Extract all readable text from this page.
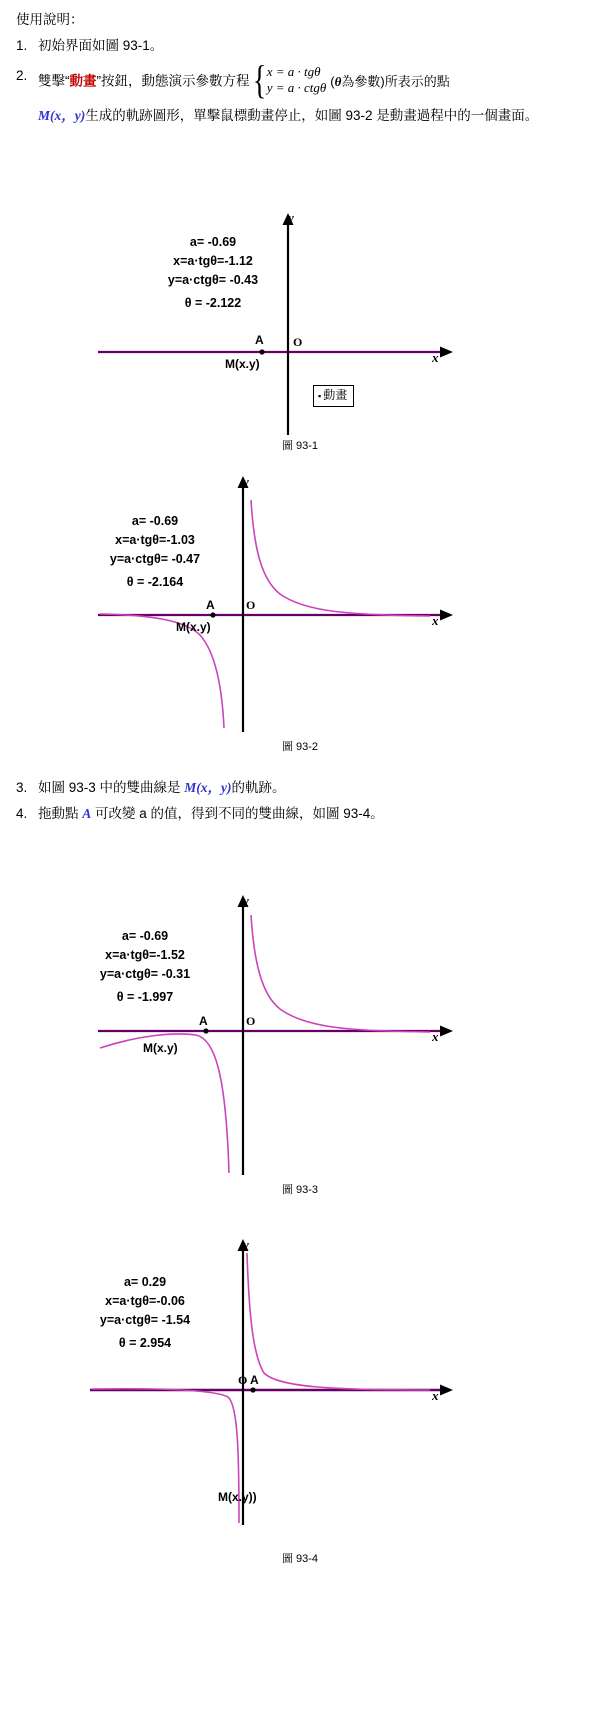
使用說明：
1. 初始界面如圖 93-1。
2. 雙擊“動畫”按鈕，動態演示參數方程 { x = a · tgθ
y = a · ctgθ (θ為參數)所表示的點
M(x，y)生成的軌跡圖形，單擊鼠標動畫停止，如圖 93-2 是動畫過程中的一個畫面。
a= -0.69
x=a·tgθ=-1.12
y=a·ctgθ= -0.43
θ = -2.122
y
x
O
A
M(x.y)
▪ 動畫
圖 93-1
a= -0.69
x=a·tgθ=-1.03
y=a·ctgθ= -0.47
θ = -2.164
y
x
O
A
M(x.y)
圖 93-2
3. 如圖 93-3 中的雙曲線是 M(x，y)的軌跡。
4. 拖動點 A 可改變 a 的值，得到不同的雙曲線，如圖 93-4。
a= -0.69
x=a·tgθ=-1.52
y=a·ctgθ= -0.31
θ = -1.997
y
x
O
A
M(x.y)
圖 93-3
a= 0.29
x=a·tgθ=-0.06
y=a·ctgθ= -1.54
θ = 2.954
y
x
O A
M(x.y))
圖 93-4
